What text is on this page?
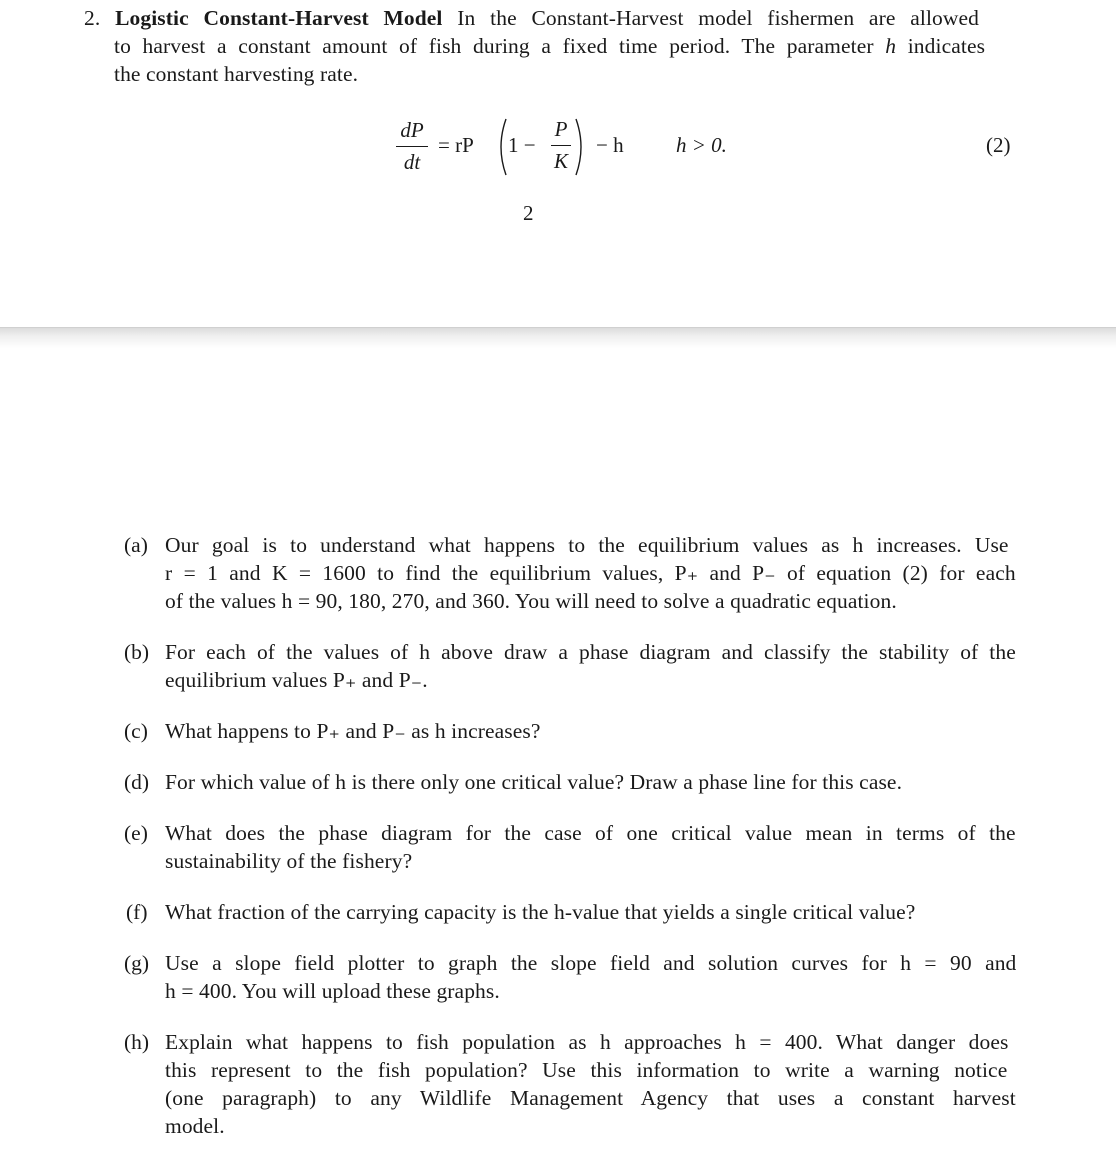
2. Logistic Constant-Harvest Model In the Constant-Harvest model fishermen are allowed
to harvest a constant amount of fish during a fixed time period. The parameter h indicates
the constant harvesting rate.
dP
dt
= rP 1 −
P
K
− h h > 0.	(2)
2
(a) Our goal is to understand what happens to the equilibrium values as h increases. Use
r = 1 and K = 1600 to find the equilibrium values, P₊ and P₋ of equation (2) for each
of the values h = 90, 180, 270, and 360. You will need to solve a quadratic equation.
(b) For each of the values of h above draw a phase diagram and classify the stability of the
equilibrium values P₊ and P₋.
(c) What happens to P₊ and P₋ as h increases?
(d) For which value of h is there only one critical value? Draw a phase line for this case.
(e) What does the phase diagram for the case of one critical value mean in terms of the
sustainability of the fishery?
(f) What fraction of the carrying capacity is the h-value that yields a single critical value?
(g) Use a slope field plotter to graph the slope field and solution curves for h = 90 and
h = 400. You will upload these graphs.
(h) Explain what happens to fish population as h approaches h = 400. What danger does
this represent to the fish population? Use this information to write a warning notice
(one paragraph) to any Wildlife Management Agency that uses a constant harvest
model.
